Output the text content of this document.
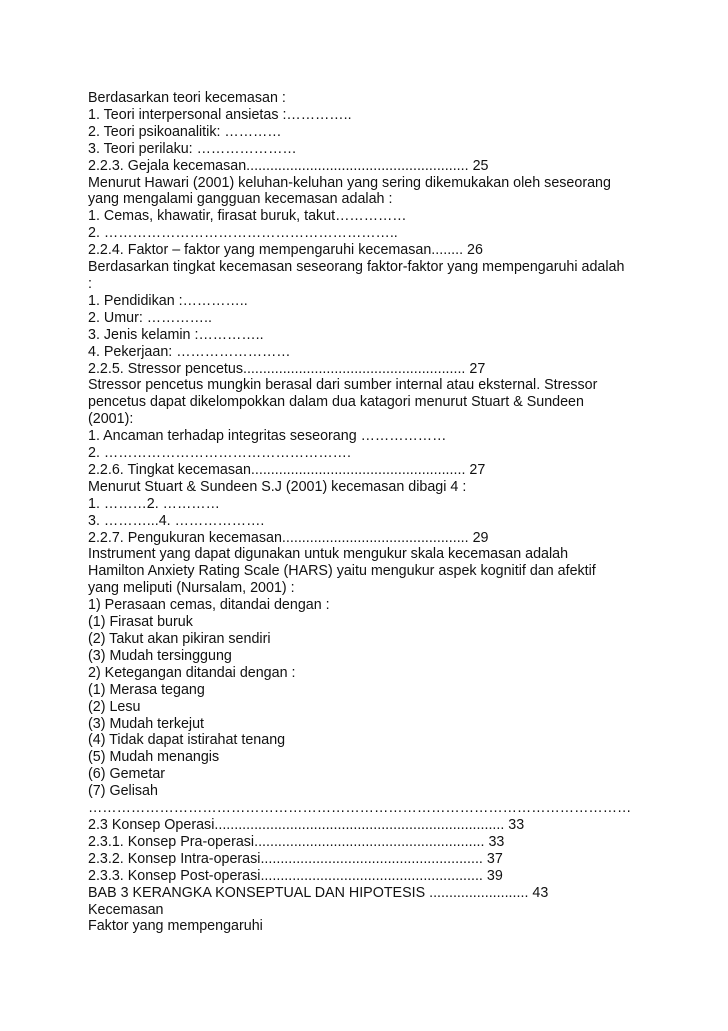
Berdasarkan teori kecemasan :

1. Teori interpersonal ansietas :…………..

2. Teori psikoanalitik: …………

3. Teori perilaku: …………………

2.2.3. Gejala kecemasan........................................................ 25

Menurut Hawari (2001) keluhan-keluhan yang sering dikemukakan oleh seseorang

yang mengalami gangguan kecemasan adalah :

1. Cemas, khawatir, firasat buruk, takut……………

2. ……………………………………………………..

2.2.4. Faktor – faktor yang mempengaruhi kecemasan........ 26

Berdasarkan tingkat kecemasan seseorang faktor-faktor yang mempengaruhi adalah

:

1. Pendidikan :…………..

2. Umur: …………..

3. Jenis kelamin :…………..

4. Pekerjaan: ……………………

2.2.5. Stressor pencetus........................................................ 27

Stressor pencetus mungkin berasal dari sumber internal atau eksternal. Stressor

pencetus dapat dikelompokkan dalam dua katagori menurut Stuart & Sundeen

(2001):

1. Ancaman terhadap integritas seseorang ………………

2. …………………………………………….

2.2.6. Tingkat kecemasan...................................................... 27

Menurut Stuart & Sundeen S.J (2001) kecemasan dibagi 4 :

1. ………2. …………

3. ………...4. ……………….

2.2.7. Pengukuran kecemasan............................................... 29

Instrument yang dapat digunakan untuk mengukur skala kecemasan adalah

Hamilton Anxiety Rating Scale (HARS) yaitu mengukur aspek kognitif dan afektif

yang meliputi (Nursalam, 2001) :

1) Perasaan cemas, ditandai dengan :

(1) Firasat buruk

(2) Takut akan pikiran sendiri

(3) Mudah tersinggung

2) Ketegangan ditandai dengan :

(1) Merasa tegang

(2) Lesu

(3) Mudah terkejut

(4) Tidak dapat istirahat tenang

(5) Mudah menangis

(6) Gemetar

(7) Gelisah

……………………………………………………………………………………………………

2.3 Konsep Operasi......................................................................... 33

2.3.1. Konsep Pra-operasi.......................................................... 33

2.3.2. Konsep Intra-operasi........................................................ 37

2.3.3. Konsep Post-operasi........................................................ 39

BAB 3 KERANGKA KONSEPTUAL DAN HIPOTESIS ......................... 43

Kecemasan

Faktor yang mempengaruhi
